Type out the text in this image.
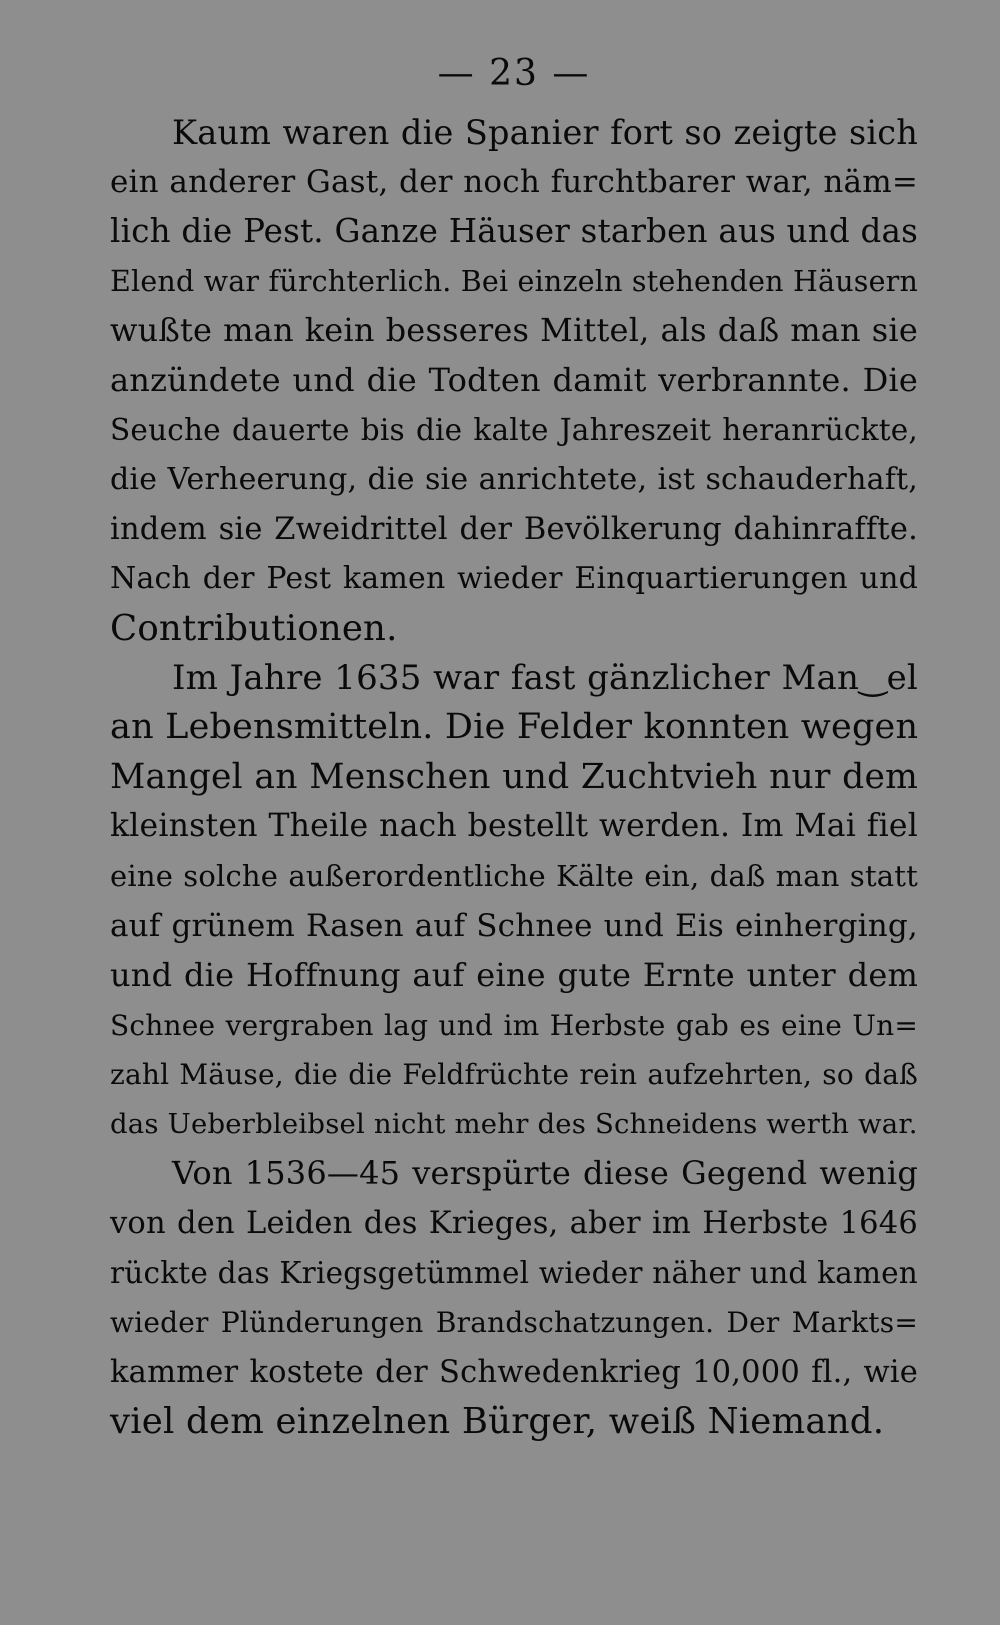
— 23 —
Kaum waren die Spanier fort so zeigte sich
ein anderer Gast, der noch furchtbarer war, näm=
lich die Pest. Ganze Häuser starben aus und das
Elend war fürchterlich. Bei einzeln stehenden Häusern
wußte man kein besseres Mittel, als daß man sie
anzündete und die Todten damit verbrannte. Die
Seuche dauerte bis die kalte Jahreszeit heranrückte,
die Verheerung, die sie anrichtete, ist schauderhaft,
indem sie Zweidrittel der Bevölkerung dahinraffte.
Nach der Pest kamen wieder Einquartierungen und
Contributionen.
Im Jahre 1635 war fast gänzlicher Man‿el
an Lebensmitteln. Die Felder konnten wegen
Mangel an Menschen und Zuchtvieh nur dem
kleinsten Theile nach bestellt werden. Im Mai fiel
eine solche außerordentliche Kälte ein, daß man statt
auf grünem Rasen auf Schnee und Eis einherging,
und die Hoffnung auf eine gute Ernte unter dem
Schnee vergraben lag und im Herbste gab es eine Un=
zahl Mäuse, die die Feldfrüchte rein aufzehrten, so daß
das Ueberbleibsel nicht mehr des Schneidens werth war.
Von 1536—45 verspürte diese Gegend wenig
von den Leiden des Krieges, aber im Herbste 1646
rückte das Kriegsgetümmel wieder näher und kamen
wieder Plünderungen Brandschatzungen. Der Markts=
kammer kostete der Schwedenkrieg 10,000 fl., wie
viel dem einzelnen Bürger, weiß Niemand.
